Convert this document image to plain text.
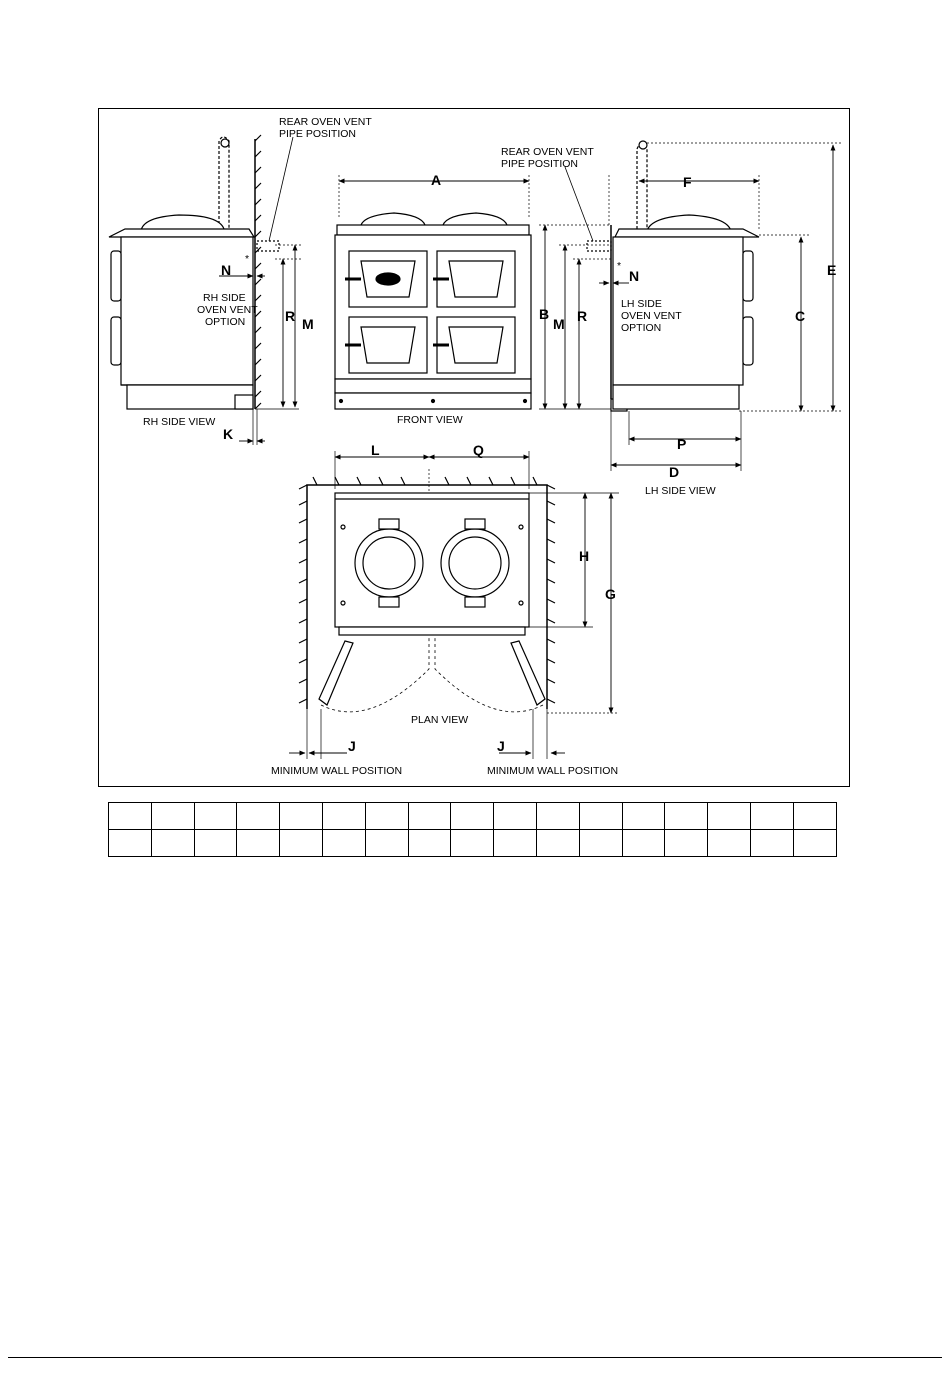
REAR OVEN VENT
PIPE POSITION
REAR OVEN VENT
PIPE POSITION
*
*
RH SIDE
OVEN VENT
OPTION
LH SIDE
OVEN VENT
OPTION
RH SIDE VIEW	FRONT VIEW
LH SIDE VIEW
PLAN VIEW
MINIMUM WALL POSITION	MINIMUM WALL POSITION
A
B	C
D
E
F
G
H
J	J
K
L
M	M
N	N
P
Q
R	R
